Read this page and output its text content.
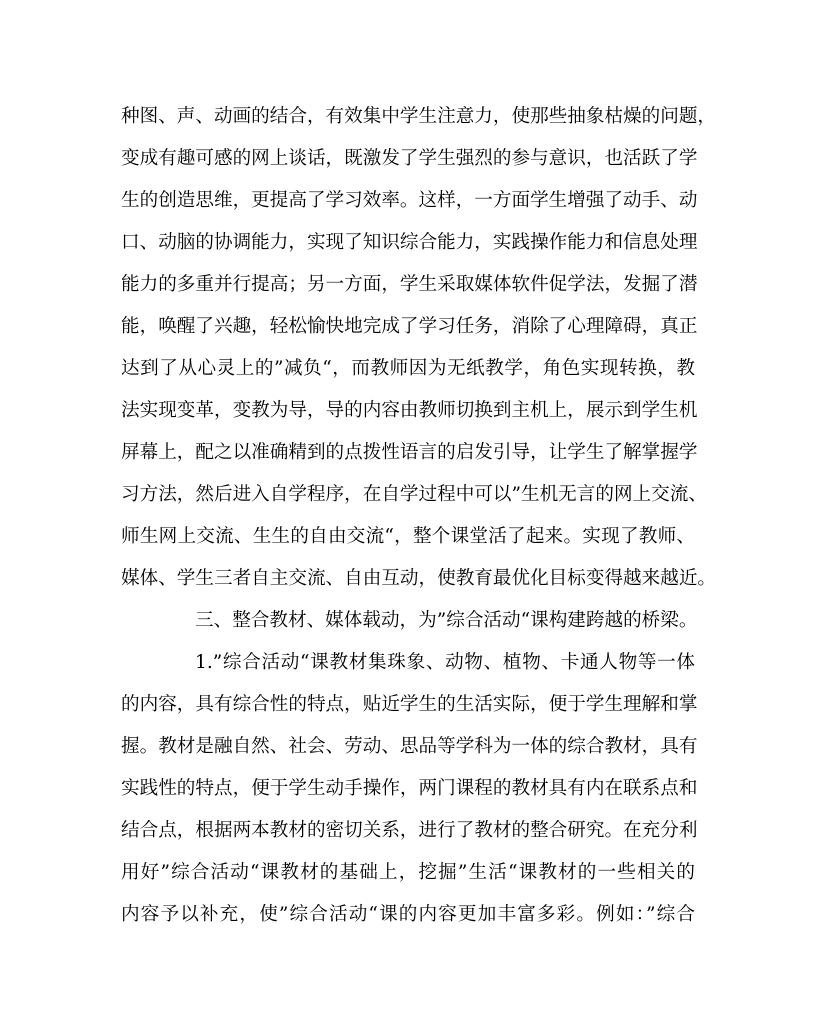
种图、声、动画的结合，有效集中学生注意力，使那些抽象枯燥的问题，
变成有趣可感的网上谈话，既激发了学生强烈的参与意识，也活跃了学
生的创造思维，更提高了学习效率。这样，一方面学生增强了动手、动
口、动脑的协调能力，实现了知识综合能力，实践操作能力和信息处理
能力的多重并行提高；另一方面，学生采取媒体软件促学法，发掘了潜
能，唤醒了兴趣，轻松愉快地完成了学习任务，消除了心理障碍，真正
达到了从心灵上的”减负“，而教师因为无纸教学，角色实现转换，教
法实现变革，变教为导，导的内容由教师切换到主机上，展示到学生机
屏幕上，配之以准确精到的点拨性语言的启发引导，让学生了解掌握学
习方法，然后进入自学程序，在自学过程中可以”生机无言的网上交流、
师生网上交流、生生的自由交流“，整个课堂活了起来。实现了教师、
媒体、学生三者自主交流、自由互动，使教育最优化目标变得越来越近。
三、整合教材、媒体载动，为”综合活动“课构建跨越的桥梁。
1.”综合活动“课教材集珠象、动物、植物、卡通人物等一体
的内容，具有综合性的特点，贴近学生的生活实际，便于学生理解和掌
握。教材是融自然、社会、劳动、思品等学科为一体的综合教材，具有
实践性的特点，便于学生动手操作，两门课程的教材具有内在联系点和
结合点，根据两本教材的密切关系，进行了教材的整合研究。在充分利
用好”综合活动“课教材的基础上，挖掘”生活“课教材的一些相关的
内容予以补充，使”综合活动“课的内容更加丰富多彩。例如：”综合
